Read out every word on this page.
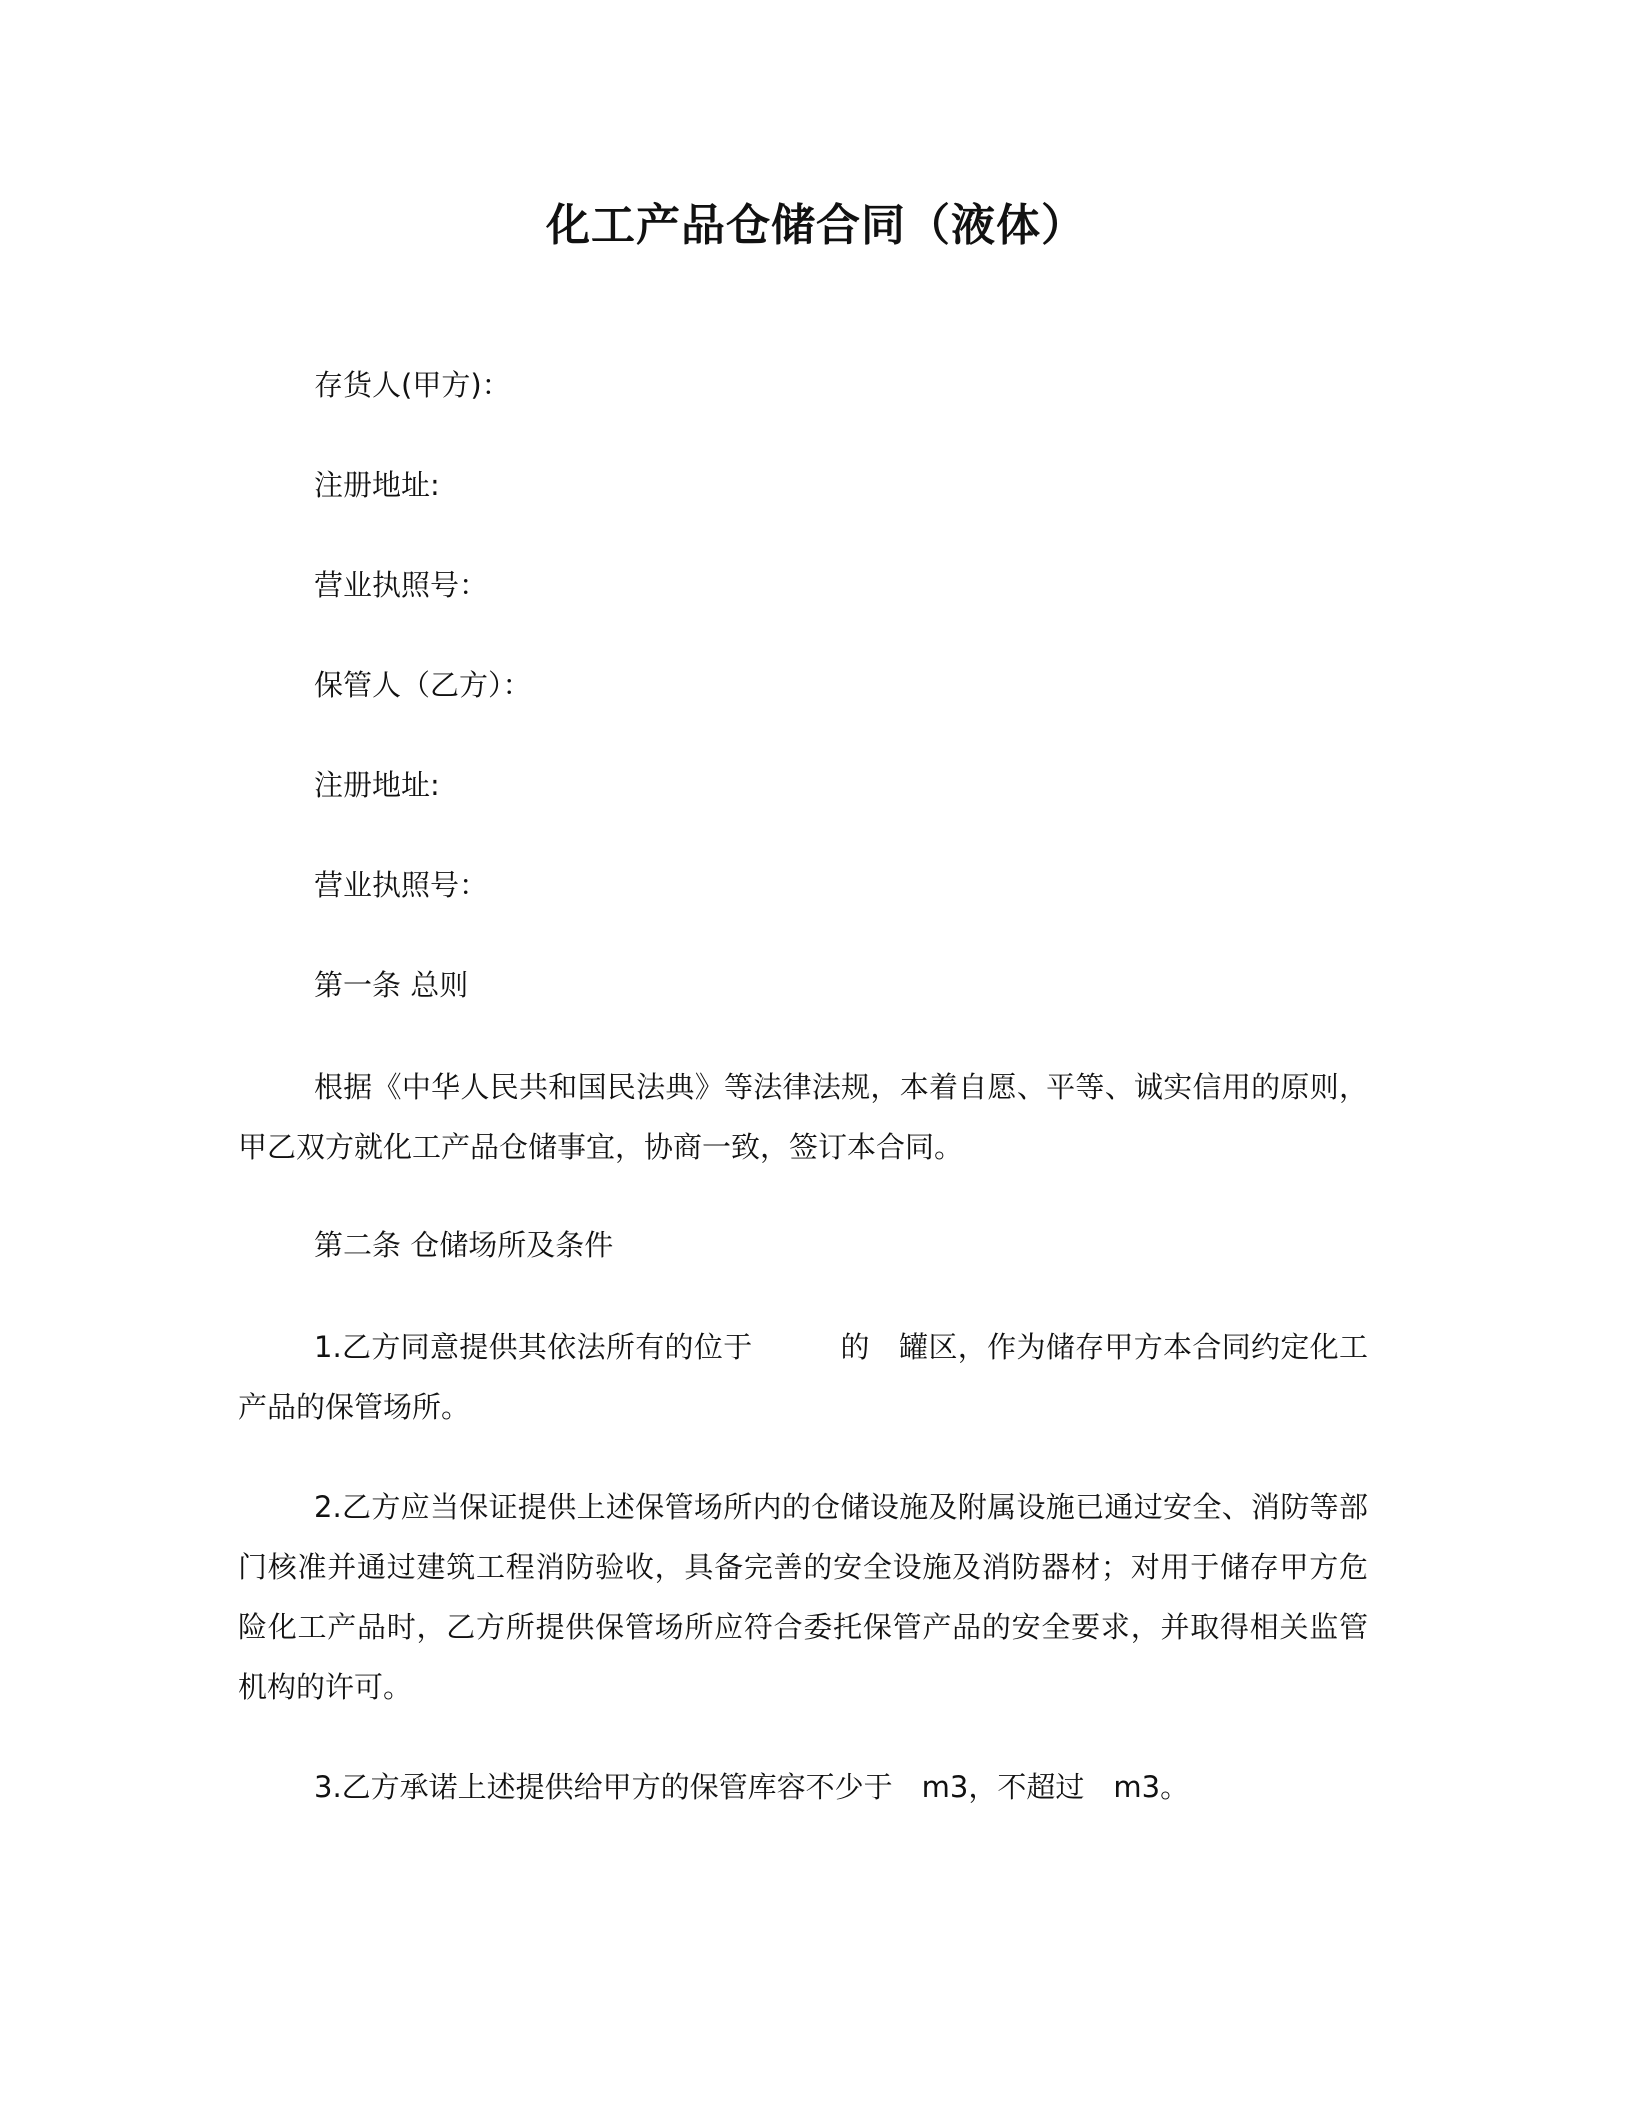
化工产品仓储合同（液体）
存货人(甲方)：
注册地址:
营业执照号：
保管人（乙方）：
注册地址:
营业执照号：
第一条 总则
根据《中华人民共和国民法典》等法律法规，本着自愿、平等、诚实信用的原则，甲乙双方就化工产品仓储事宜，协商一致，签订本合同。
第二条 仓储场所及条件
1.乙方同意提供其依法所有的位于　　　的　罐区，作为储存甲方本合同约定化工产品的保管场所。
2.乙方应当保证提供上述保管场所内的仓储设施及附属设施已通过安全、消防等部门核准并通过建筑工程消防验收，具备完善的安全设施及消防器材；对用于储存甲方危险化工产品时，乙方所提供保管场所应符合委托保管产品的安全要求，并取得相关监管机构的许可。
3.乙方承诺上述提供给甲方的保管库容不少于　m3，不超过　m3。
